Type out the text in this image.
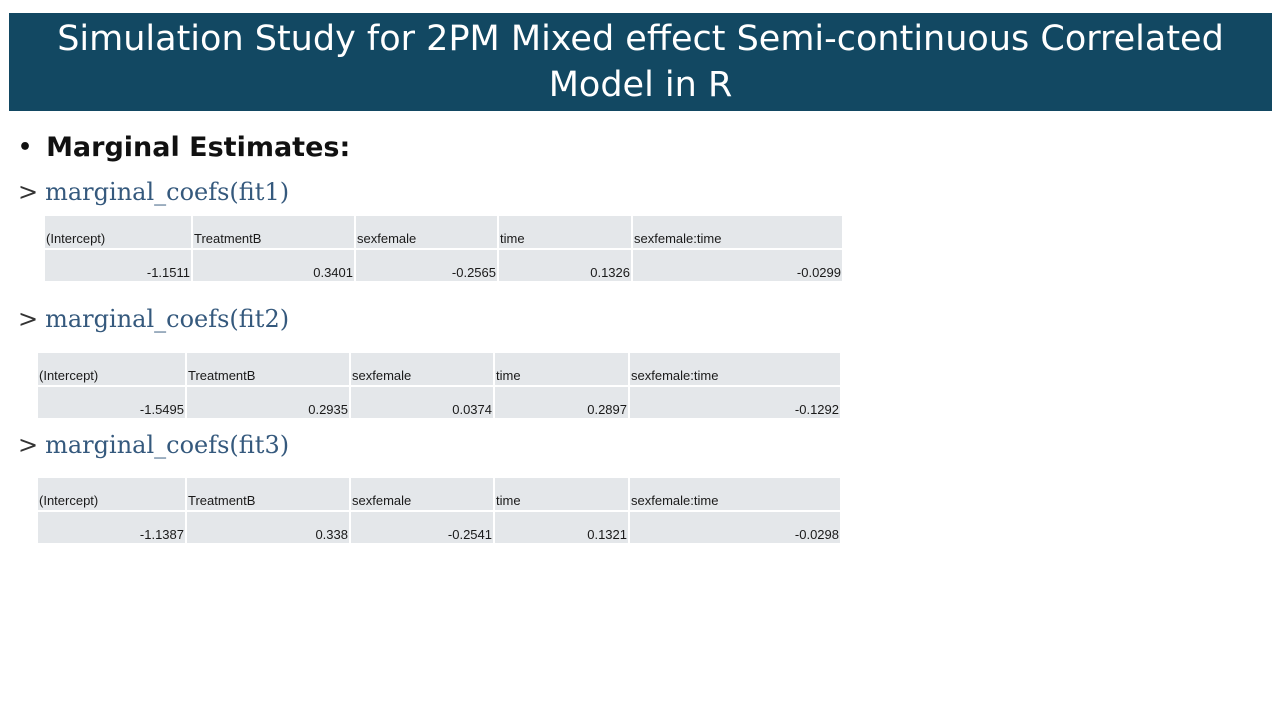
Simulation Study for 2PM Mixed effect Semi-continuous Correlated Model in R
• Marginal Estimates:
> marginal_coefs(fit1)
(Intercept)	TreatmentB	sexfemale	time	sexfemale:time
-1.1511	0.3401	-0.2565	0.1326	-0.0299
> marginal_coefs(fit2)
(Intercept)	TreatmentB	sexfemale	time	sexfemale:time
-1.5495	0.2935	0.0374	0.2897	-0.1292
> marginal_coefs(fit3)
(Intercept)	TreatmentB	sexfemale	time	sexfemale:time
-1.1387	0.338	-0.2541	0.1321	-0.0298
